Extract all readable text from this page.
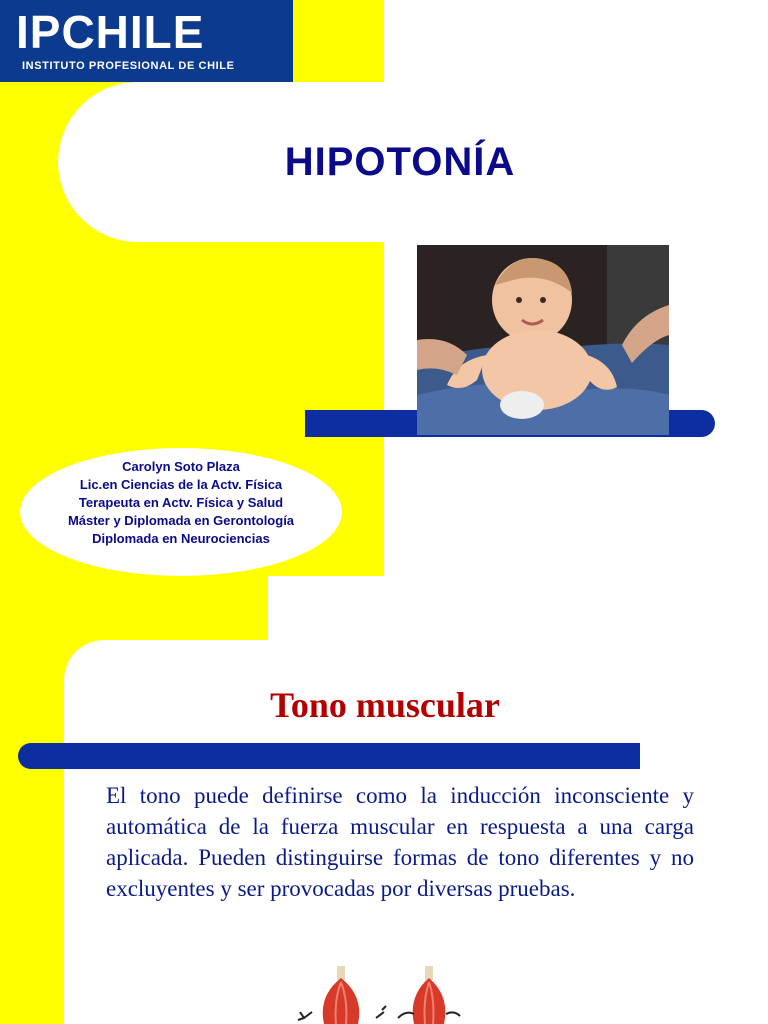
IPCHILE
INSTITUTO PROFESIONAL DE CHILE
HIPOTONÍA
Carolyn Soto Plaza
Lic.en Ciencias de la Actv. Física
Terapeuta en Actv. Física y Salud
Máster y Diplomada en Gerontología
Diplomada en Neurociencias
Tono muscular
El tono puede definirse como la inducción inconsciente y automática de la fuerza muscular en respuesta a una carga aplicada. Pueden distinguirse formas de tono diferentes y no excluyentes y ser provocadas por diversas pruebas.
